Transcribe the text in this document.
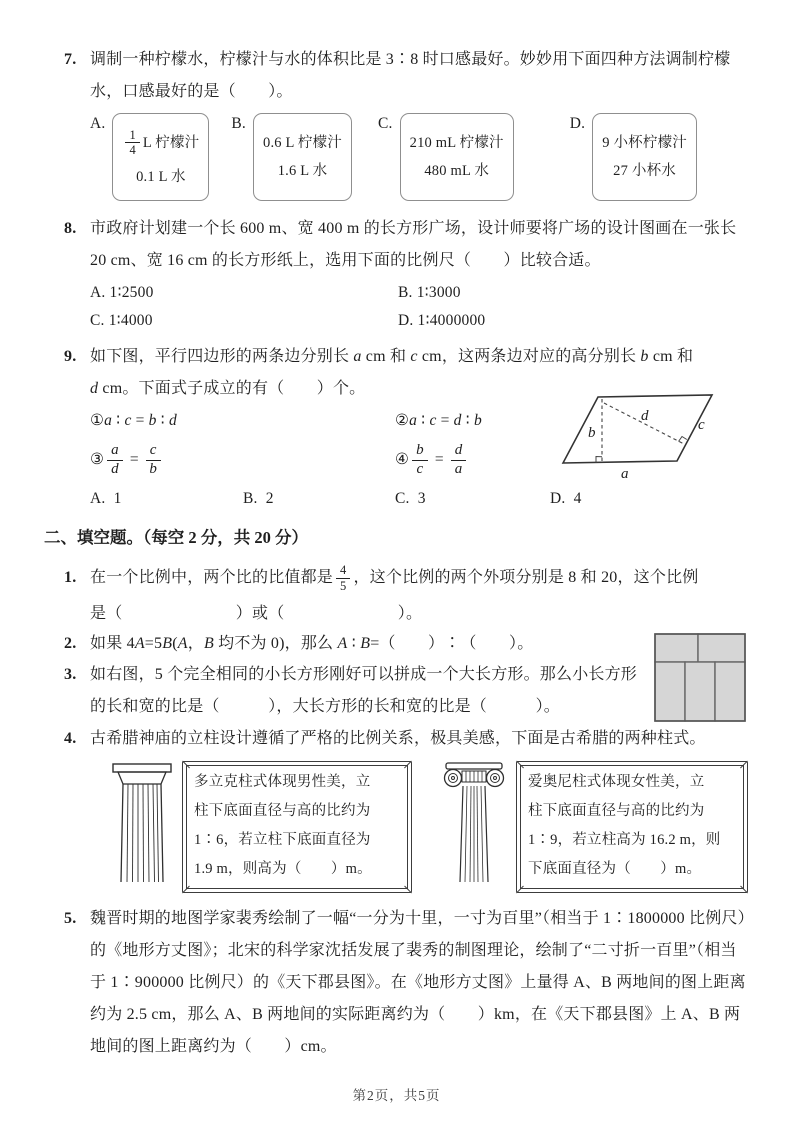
7. 调制一种柠檬水，柠檬汁与水的体积比是 3∶8 时口感最好。妙妙用下面四种方法调制柠檬水，口感最好的是（　　）。
A.
$\frac{1}{4}$ L 柠檬汁
0.1 L 水
B.
0.6 L 柠檬汁
1.6 L 水
C.
210 mL 柠檬汁
480 mL 水
D.
9 小杯柠檬汁
27 小杯水
8. 市政府计划建一个长 600 m、宽 400 m 的长方形广场，设计师要将广场的设计图画在一张长 20 cm、宽 16 cm 的长方形纸上，选用下面的比例尺（　　）比较合适。
A. 1∶2500	B. 1∶3000
C. 1∶4000	D. 1∶4000000
9. 如下图，平行四边形的两条边分别长 a cm 和 c cm，这两条边对应的高分别长 b cm 和
d cm。下面式子成立的有（　　）个。
b
d
c
a
①a ∶ c = b ∶ d	②a ∶ c = d ∶ b
③ $\frac{a}{d} = \frac{c}{b}$	④ $\frac{b}{c} = \frac{d}{a}$
A.  1	B.  2	C.  3	D.  4
二、填空题。（每空 2 分，共 20 分）
1. 在一个比例中，两个比的比值都是 $\frac{4}{5}$ ，这个比例的两个外项分别是 8 和 20，这个比例
是（　　　　　　　）或（　　　　　　　）。
2. 如果 4A=5B(A，B 均不为 0)，那么 A ∶ B=（　　）∶（　　）。
3. 如右图，5 个完全相同的小长方形刚好可以拼成一个大长方形。那么小长方形的长和宽的比是（　　　），大长方形的长和宽的比是（　　　）。
4. 古希腊神庙的立柱设计遵循了严格的比例关系，极具美感，下面是古希腊的两种柱式。
多立克柱式体现男性美，立
柱下底面直径与高的比约为
1∶6，若立柱下底面直径为
1.9 m，则高为（　　）m。
爱奥尼柱式体现女性美，立
柱下底面直径与高的比约为
1∶9，若立柱高为 16.2 m，则
下底面直径为（　　）m。
5. 魏晋时期的地图学家裴秀绘制了一幅“一分为十里，一寸为百里”（相当于 1∶1800000 比例尺）的《地形方丈图》；北宋的科学家沈括发展了裴秀的制图理论，绘制了“二寸折一百里”（相当于 1∶900000 比例尺）的《天下郡县图》。在《地形方丈图》上量得 A、B 两地间的图上距离约为 2.5 cm，那么 A、B 两地间的实际距离约为（　　）km，在《天下郡县图》上 A、B 两地间的图上距离约为（　　）cm。
第2页，共5页
